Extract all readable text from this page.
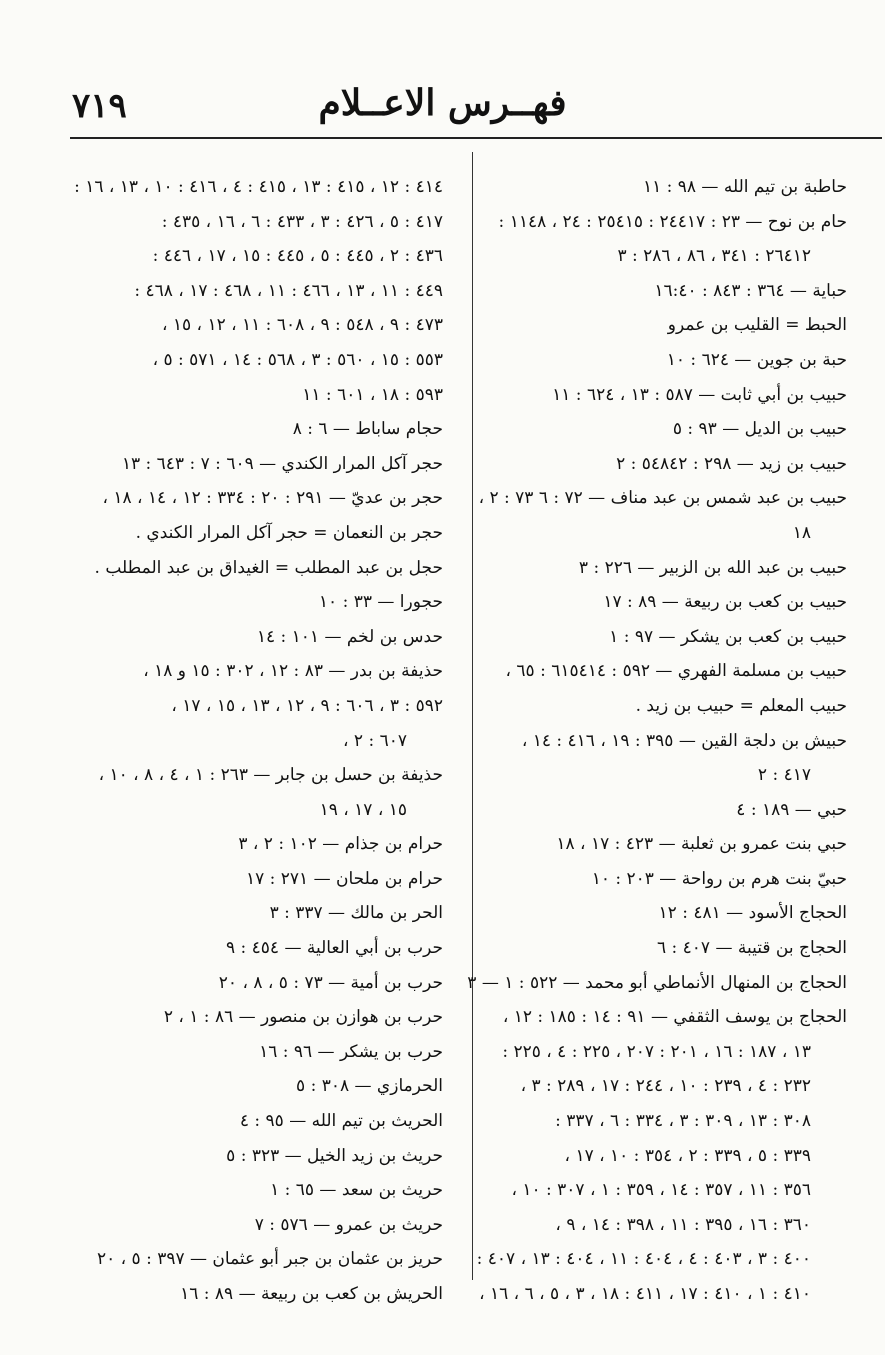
٧١٩	فهــرس الاعــلام
حاطبة بن تيم الله — ٩٨ : ١١
حام بن نوح — ٢٣ : ٢٤٤١٧ : ٢٥٤١٥ : ٢٤ ، ١١٤٨ :
٢٦٤١٢ : ٣٤١ ، ٨٦ ، ٢٨٦ : ٣
حباية — ٣٦٤ : ٨٤٣ : ١٦:٤٠
الحبط = القليب بن عمرو
حبة بن جوين — ٦٢٤ : ١٠
حبيب بن أبي ثابت — ٥٨٧ : ١٣ ، ٦٢٤ : ١١
حبيب بن الديل — ٩٣ : ٥
حبيب بن زيد — ٢٩٨ : ٥٤٨٤٢ : ٢
حبيب بن عبد شمس بن عبد مناف — ٧٢ : ٦ ٧٣ : ٢ ،
١٨
حبيب بن عبد الله بن الزبير — ٢٢٦ : ٣
حبيب بن كعب بن ربيعة — ٨٩ : ١٧
حبيب بن كعب بن يشكر — ٩٧ : ١
حبيب بن مسلمة الفهري — ٥٩٢ : ٦١٥٤١٤ : ٦٥ ،
حبيب المعلم = حبيب بن زيد .
حبيش بن دلجة القين — ٣٩٥ : ١٩ ، ٤١٦ : ١٤ ،
٤١٧ : ٢
حبي — ١٨٩ : ٤
حبي بنت عمرو بن ثعلبة — ٤٢٣ : ١٧ ، ١٨
حبيّ بنت هرم بن رواحة — ٢٠٣ : ١٠
الحجاج الأسود — ٤٨١ : ١٢
الحجاج بن قتيبة — ٤٠٧ : ٦
الحجاج بن المنهال الأنماطي أبو محمد — ٥٢٢ : ١ — ٣
الحجاج بن يوسف الثقفي — ٩١ : ١٤ : ١٨٥ : ١٢ ،
١٣ ، ١٨٧ : ١٦ ، ٢٠١ : ٢٠٧ ، ٢٢٥ : ٤ ، ٢٢٥ :
٢٣٢ : ٤ ، ٢٣٩ : ١٠ ، ٢٤٤ : ١٧ ، ٢٨٩ : ٣ ،
٣٠٨ : ١٣ ، ٣٠٩ : ٣ ، ٣٣٤ : ٦ ، ٣٣٧ :
٣٣٩ : ٥ ، ٣٣٩ : ٢ ، ٣٥٤ : ١٠ ، ١٧ ،
٣٥٦ : ١١ ، ٣٥٧ : ١٤ ، ٣٥٩ : ١ ، ٣٠٧ : ١٠ ،
٣٦٠ : ١٦ ، ٣٩٥ : ١١ ، ٣٩٨ : ١٤ ، ٩ ،
٤٠٠ : ٣ ، ٤٠٣ : ٤ ، ٤٠٤ : ١١ ، ٤٠٤ : ١٣ ، ٤٠٧ :
٤١٠ : ١ ، ٤١٠ : ١٧ ، ٤١١ : ١٨ ، ٣ ، ٥ ، ٦ ، ١٦ ،
٤١٤ : ١٢ ، ٤١٥ : ١٣ ، ٤١٥ : ٤ ، ٤١٦ : ١٠ ، ١٣ ، ١٦ :
٤١٧ : ٥ ، ٤٢٦ : ٣ ، ٤٣٣ : ٦ ، ١٦ ، ٤٣٥ :
٤٣٦ : ٢ ، ٤٤٥ : ٥ ، ٤٤٥ : ١٥ ، ١٧ ، ٤٤٦ :
٤٤٩ : ١١ ، ١٣ ، ٤٦٦ : ١١ ، ٤٦٨ : ١٧ ، ٤٦٨ :
٤٧٣ : ٩ ، ٥٤٨ : ٩ ، ٦٠٨ : ١١ ، ١٢ ، ١٥ ،
٥٥٣ : ١٥ ، ٥٦٠ : ٣ ، ٥٦٨ : ١٤ ، ٥٧١ : ٥ ،
٥٩٣ : ١٨ ، ٦٠١ : ١١
حجام ساباط — ٦ : ٨
حجر آكل المرار الكندي — ٦٠٩ : ٧ : ٦٤٣ : ١٣
حجر بن عديّ — ٢٩١ : ٢٠ : ٣٣٤ : ١٢ ، ١٤ ، ١٨ ،
حجر بن النعمان = حجر آكل المرار الكندي .
حجل بن عبد المطلب = الغيداق بن عبد المطلب .
حجورا — ٣٣ : ١٠
حدس بن لخم — ١٠١ : ١٤
حذيفة بن بدر — ٨٣ : ١٢ ، ٣٠٢ : ١٥ و ١٨ ،
٥٩٢ : ٣ ، ٦٠٦ : ٩ ، ١٢ ، ١٣ ، ١٥ ، ١٧ ،
٦٠٧ : ٢ ،
حذيفة بن حسل بن جابر — ٢٦٣ : ١ ، ٤ ، ٨ ، ١٠ ،
١٥ ، ١٧ ، ١٩
حرام بن جذام — ١٠٢ : ٢ ، ٣
حرام بن ملحان — ٢٧١ : ١٧
الحر بن مالك — ٣٣٧ : ٣
حرب بن أبي العالية — ٤٥٤ : ٩
حرب بن أمية — ٧٣ : ٥ ، ٨ ، ٢٠
حرب بن هوازن بن منصور — ٨٦ : ١ ، ٢
حرب بن يشكر — ٩٦ : ١٦
الحرمازي — ٣٠٨ : ٥
الحريث بن تيم الله — ٩٥ : ٤
حريث بن زيد الخيل — ٣٢٣ : ٥
حريث بن سعد — ٦٥ : ١
حريث بن عمرو — ٥٧٦ : ٧
حريز بن عثمان بن جبر أبو عثمان — ٣٩٧ : ٥ ، ٢٠
الحريش بن كعب بن ربيعة — ٨٩ : ١٦
